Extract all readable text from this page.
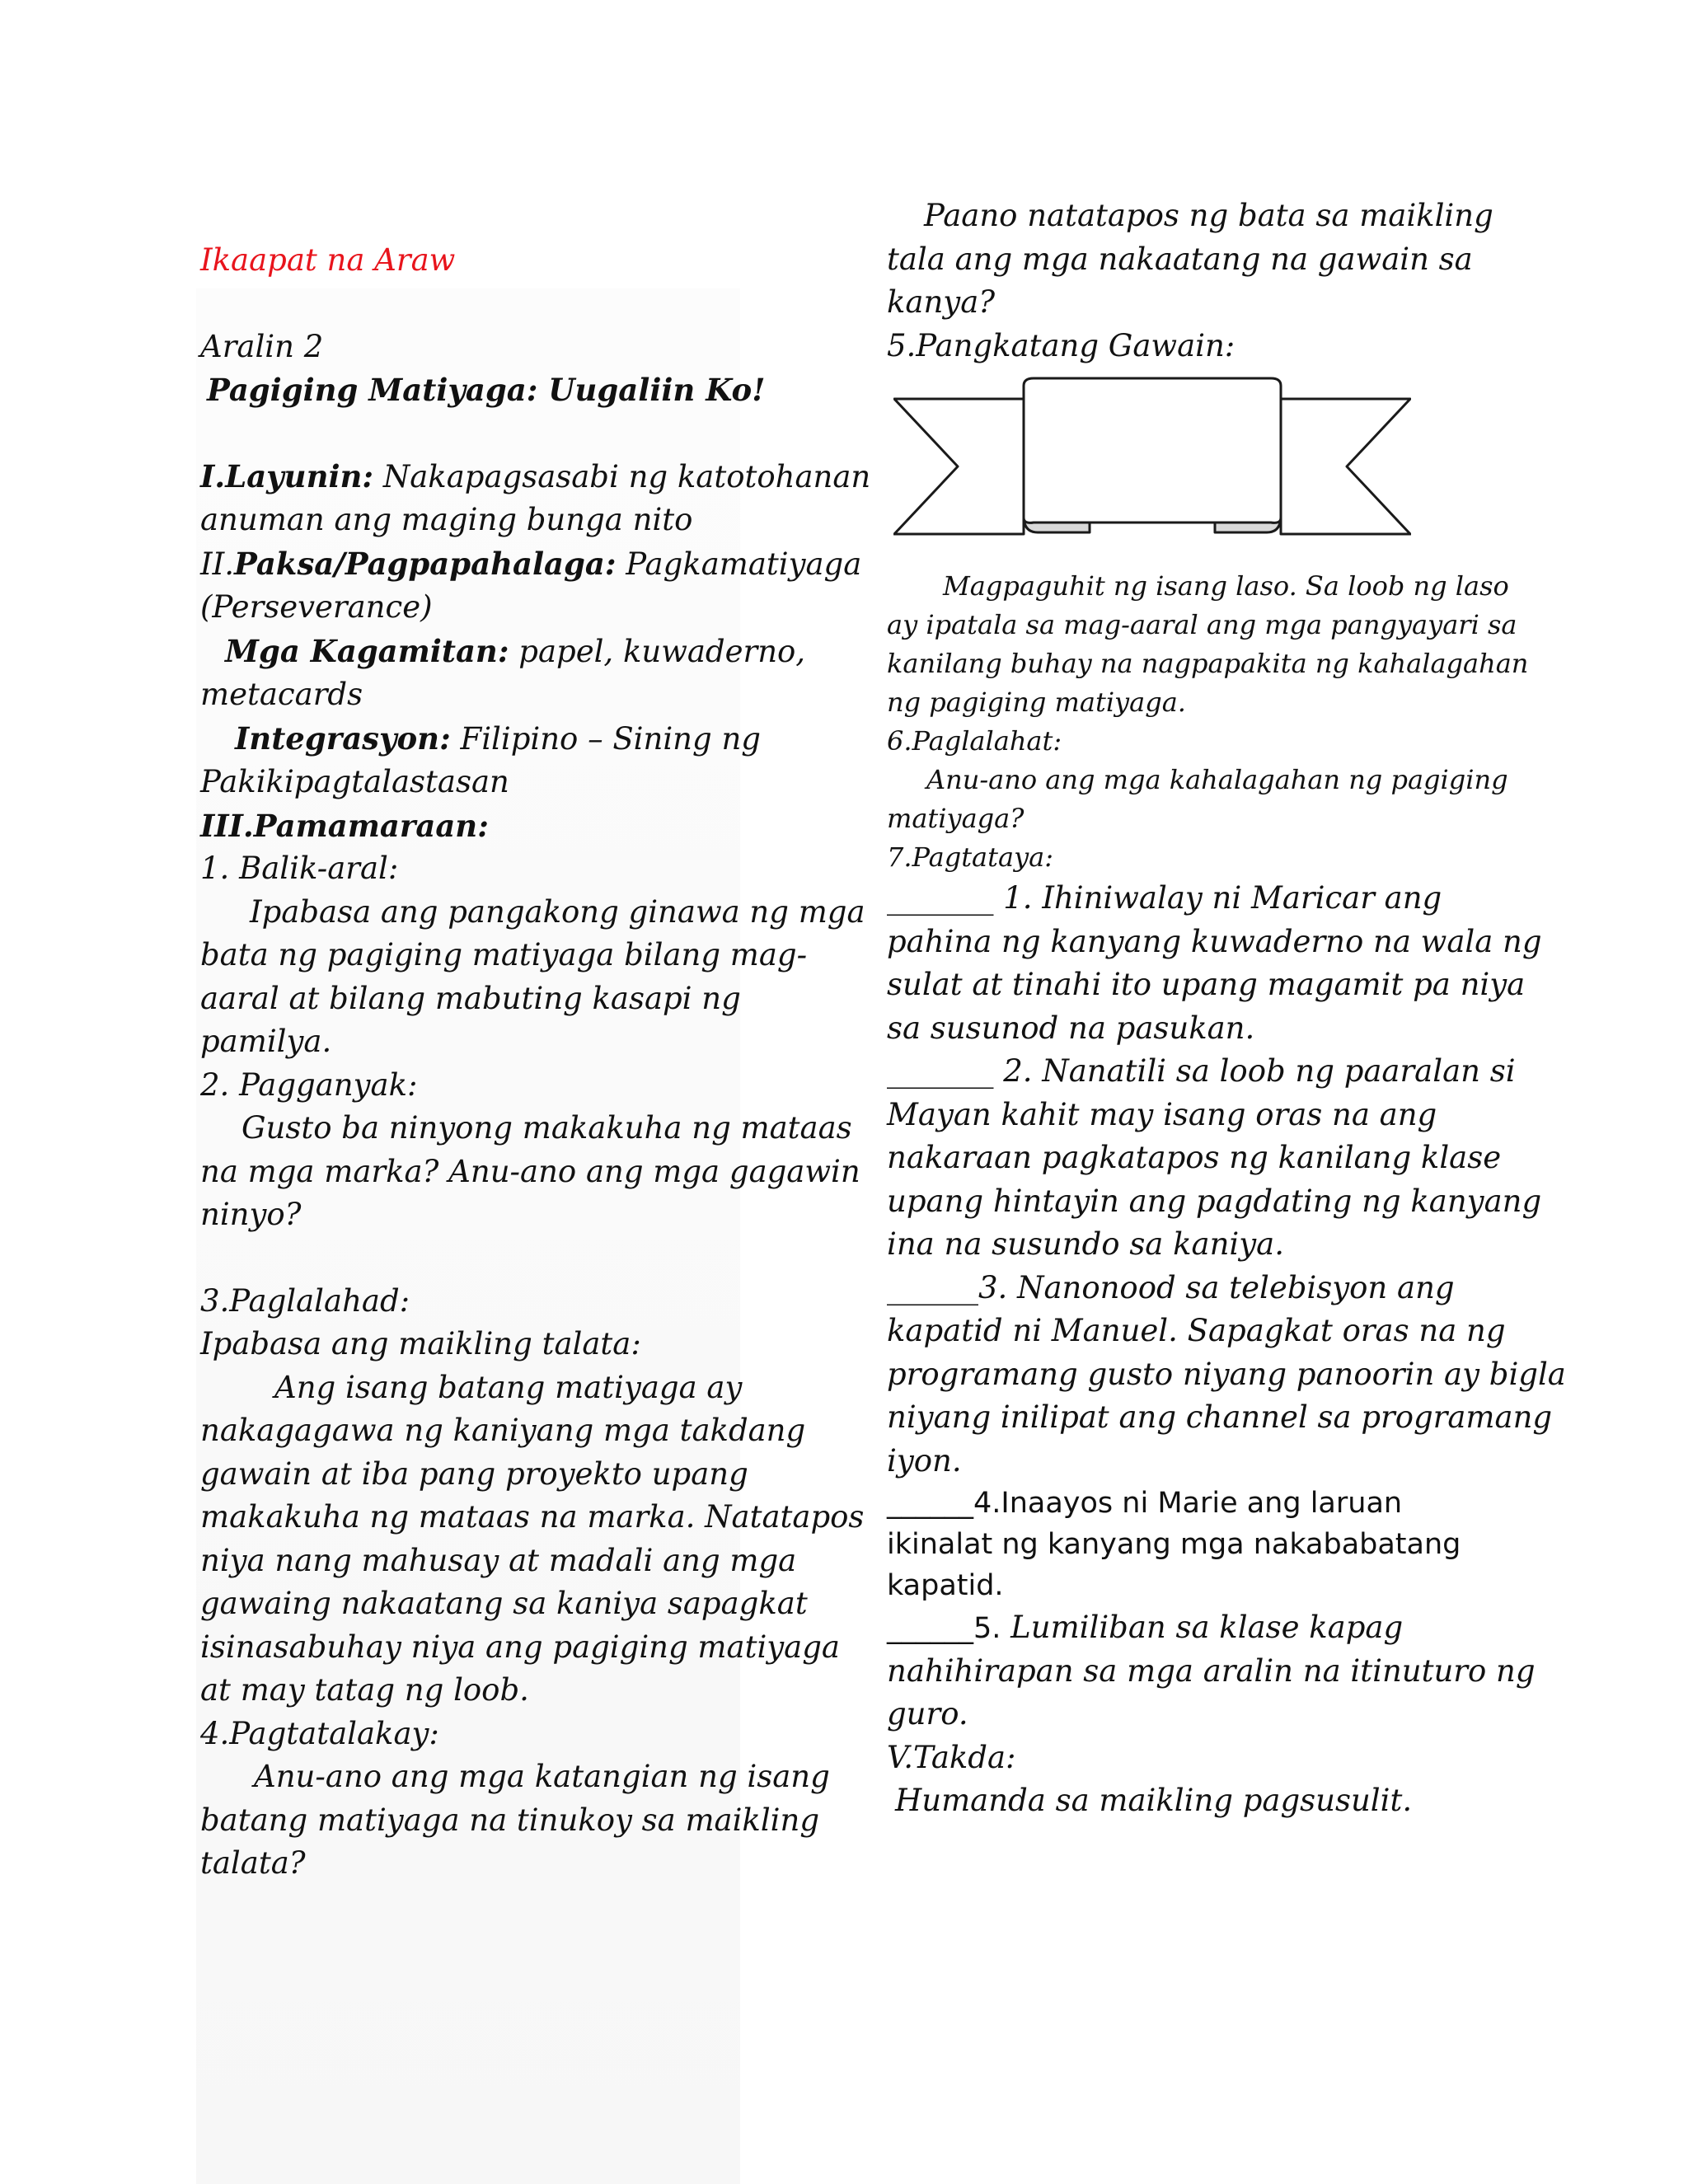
Ikaapat na Araw
Aralin 2
Pagiging Matiyaga: Uugaliin Ko!
I.Layunin: Nakapagsasabi ng katotohanan
anuman ang maging bunga nito
II.Paksa/Pagpapahalaga: Pagkamatiyaga
(Perseverance)
Mga Kagamitan: papel, kuwaderno,
metacards
Integrasyon: Filipino – Sining ng
Pakikipagtalastasan
III.Pamamaraan:
1. Balik-aral:
Ipabasa ang pangakong ginawa ng mga
bata ng pagiging matiyaga bilang mag-
aaral at bilang mabuting kasapi ng
pamilya.
2. Pagganyak:
Gusto ba ninyong makakuha ng mataas
na mga marka? Anu-ano ang mga gagawin
ninyo?
3.Paglalahad:
Ipabasa ang maikling talata:
Ang isang batang matiyaga ay
nakagagawa ng kaniyang mga takdang
gawain at iba pang proyekto upang
makakuha ng mataas na marka. Natatapos
niya nang mahusay at madali ang mga
gawaing nakaatang sa kaniya sapagkat
isinasabuhay niya ang pagiging matiyaga
at may tatag ng loob.
4.Pagtatalakay:
Anu-ano ang mga katangian ng isang
batang matiyaga na tinukoy sa maikling
talata?
Paano natatapos ng bata sa maikling
tala ang mga nakaatang na gawain sa
kanya?
5.Pangkatang Gawain:
Magpaguhit ng isang laso. Sa loob ng laso
ay ipatala sa mag-aaral ang mga pangyayari sa
kanilang buhay na nagpapakita ng kahalagahan
ng pagiging matiyaga.
6.Paglalahat:
Anu-ano ang mga kahalagahan ng pagiging
matiyaga?
7.Pagtataya:
_______ 1. Ihiniwalay ni Maricar ang
pahina ng kanyang kuwaderno na wala ng
sulat at tinahi ito upang magamit pa niya
sa susunod na pasukan.
_______ 2. Nanatili sa loob ng paaralan si
Mayan kahit may isang oras na ang
nakaraan pagkatapos ng kanilang klase
upang hintayin ang pagdating ng kanyang
ina na susundo sa kaniya.
______3. Nanonood sa telebisyon ang
kapatid ni Manuel. Sapagkat oras na ng
programang gusto niyang panoorin ay bigla
niyang inilipat ang channel sa programang
iyon.
______4.Inaayos ni Marie ang laruan
ikinalat ng kanyang mga nakababatang
kapatid.
______5. Lumiliban sa klase kapag
nahihirapan sa mga aralin na itinuturo ng
guro.
V.Takda:
Humanda sa maikling pagsusulit.
